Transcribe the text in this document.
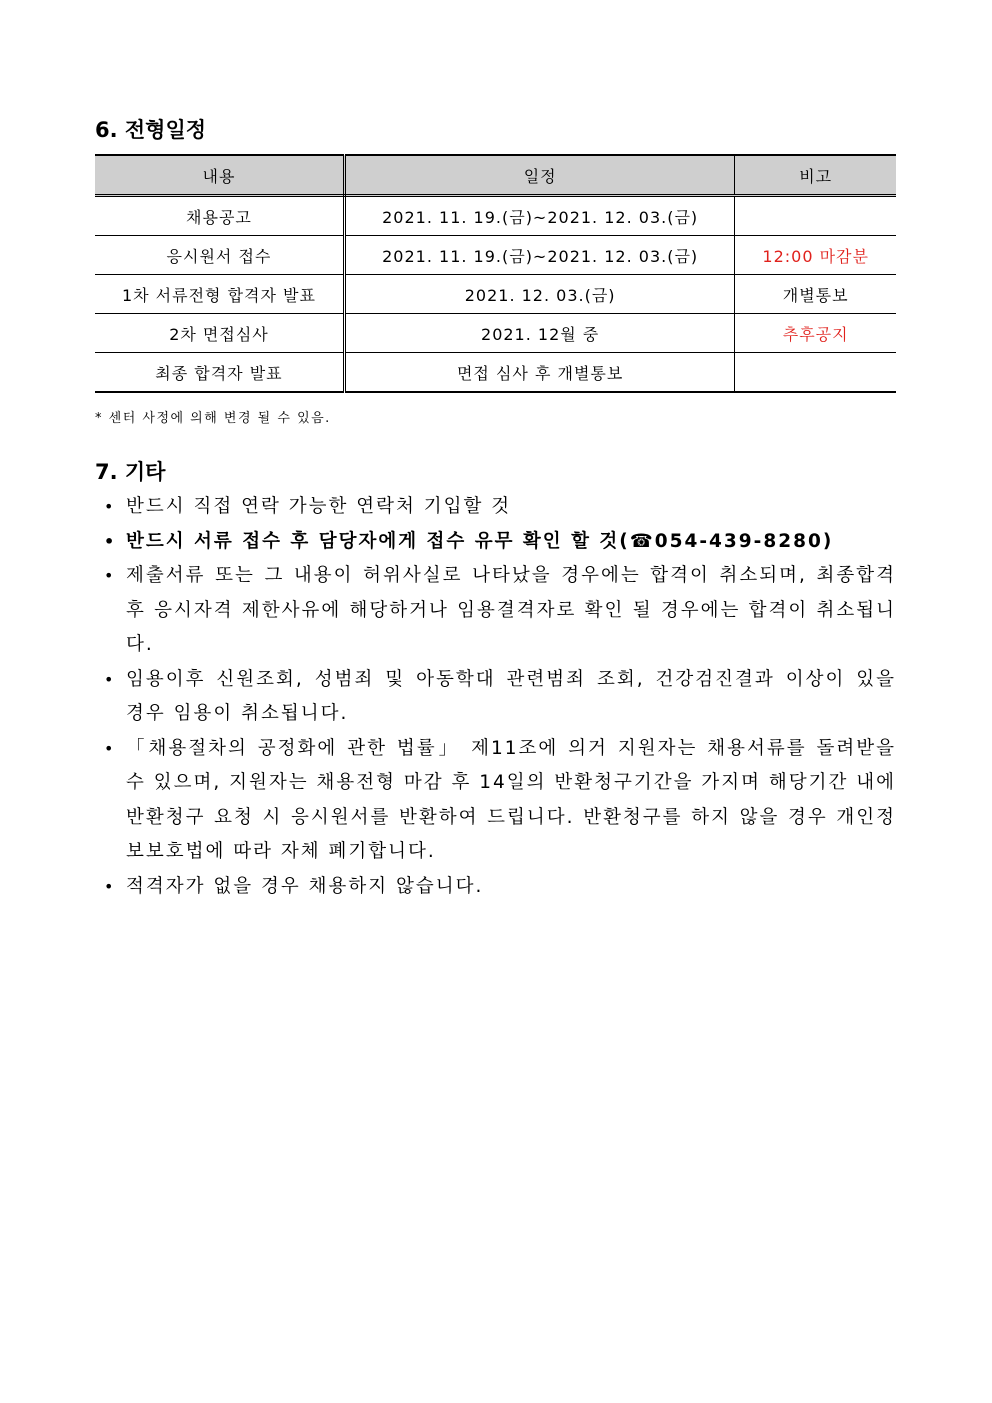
6. 전형일정
내용	일정	비고
채용공고	2021. 11. 19.(금)~2021. 12. 03.(금)	
응시원서 접수	2021. 11. 19.(금)~2021. 12. 03.(금)	12:00 마감분
1차 서류전형 합격자 발표	2021. 12. 03.(금)	개별통보
2차 면접심사	2021. 12월 중	추후공지
최종 합격자 발표	면접 심사 후 개별통보	
* 센터 사정에 의해 변경 될 수 있음.
7. 기타
• 반드시 직접 연락 가능한 연락처 기입할 것
• 반드시 서류 접수 후 담당자에게 접수 유무 확인 할 것(☎054-439-8280)
• 제출서류 또는 그 내용이 허위사실로 나타났을 경우에는 합격이 취소되며, 최종합격 후 응시자격 제한사유에 해당하거나 임용결격자로 확인 될 경우에는 합격이 취소됩니다.
• 임용이후 신원조회, 성범죄 및 아동학대 관련범죄 조회, 건강검진결과 이상이 있을 경우 임용이 취소됩니다.
• 「채용절차의 공정화에 관한 법률」 제11조에 의거 지원자는 채용서류를 돌려받을 수 있으며, 지원자는 채용전형 마감 후 14일의 반환청구기간을 가지며 해당기간 내에 반환청구 요청 시 응시원서를 반환하여 드립니다. 반환청구를 하지 않을 경우 개인정보보호법에 따라 자체 폐기합니다.
• 적격자가 없을 경우 채용하지 않습니다.
